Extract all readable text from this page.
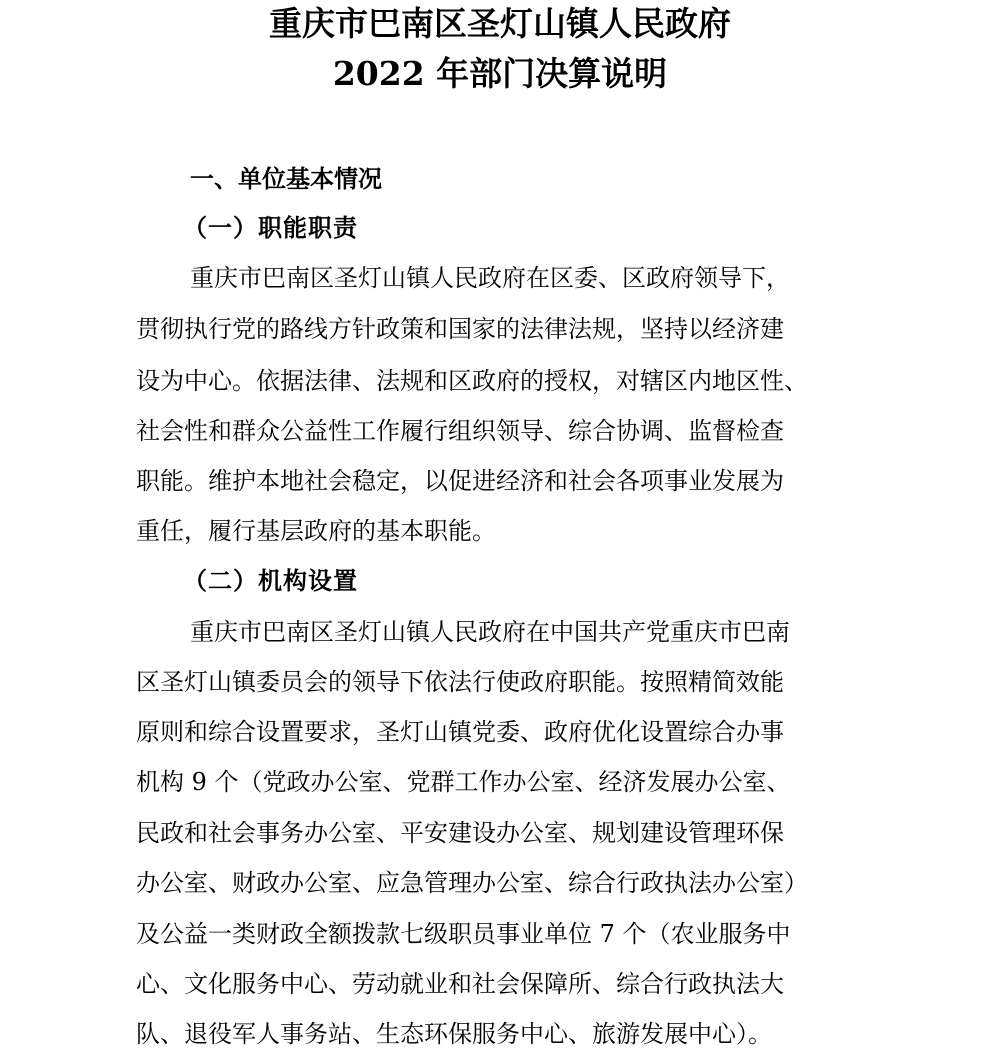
重庆市巴南区圣灯山镇人民政府
2022 年部门决算说明
一、单位基本情况
（一）职能职责

重庆市巴南区圣灯山镇人民政府在区委、区政府领导下，

贯彻执行党的路线方针政策和国家的法律法规，坚持以经济建

设为中心。依据法律、法规和区政府的授权，对辖区内地区性、

社会性和群众公益性工作履行组织领导、综合协调、监督检查

职能。维护本地社会稳定，以促进经济和社会各项事业发展为

重任，履行基层政府的基本职能。

（二）机构设置

重庆市巴南区圣灯山镇人民政府在中国共产党重庆市巴南

区圣灯山镇委员会的领导下依法行使政府职能。按照精简效能

原则和综合设置要求，圣灯山镇党委、政府优化设置综合办事

机构 9 个（党政办公室、党群工作办公室、经济发展办公室、

民政和社会事务办公室、平安建设办公室、规划建设管理环保

办公室、财政办公室、应急管理办公室、综合行政执法办公室）

及公益一类财政全额拨款七级职员事业单位 7 个（农业服务中

心、文化服务中心、劳动就业和社会保障所、综合行政执法大

队、退役军人事务站、生态环保服务中心、旅游发展中心）。
